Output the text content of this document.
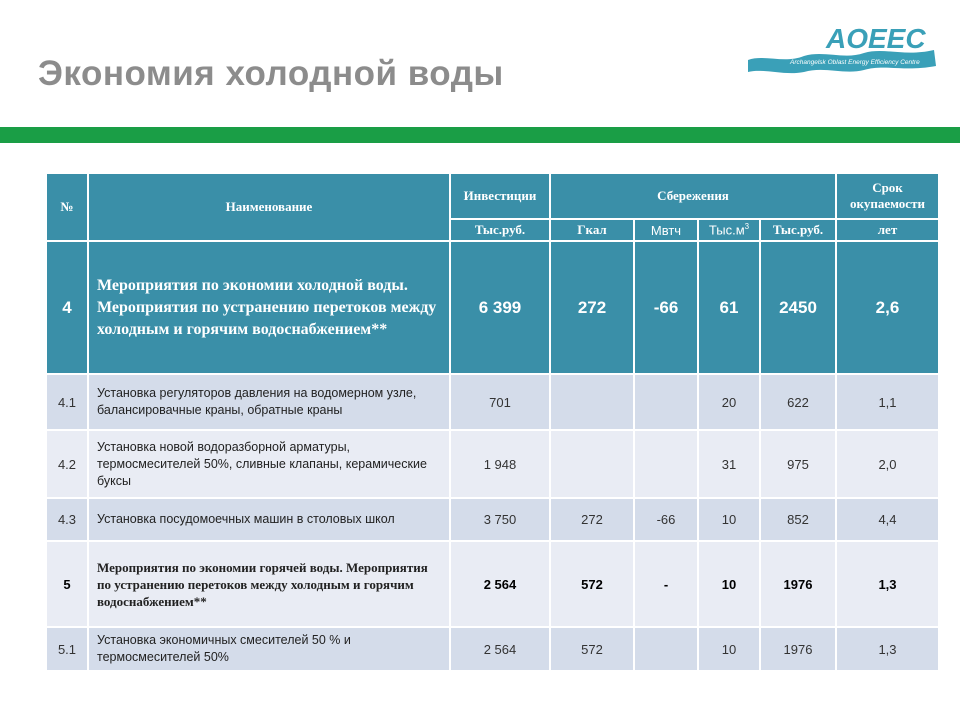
Экономия холодной воды
AOEEC
Archangelsk Oblast Energy Efficiency Centre
№	Наименование	Инвестиции	Сбережения				Срок окупаемости
		Тыс.руб.	Гкал	Мвтч	$Тыс.м^3$	Тыс.руб.	лет
4	Мероприятия по экономии холодной воды. Мероприятия по устранению перетоков между холодным и горячим водоснабжением**	6 399	272	-66	61	2450	2,6
4.1	Установка регуляторов давления на водомерном узле, балансировачные краны, обратные краны	701			20	622	1,1
4.2	Установка новой водоразборной арматуры, термосмесителей 50%, сливные клапаны, керамические буксы	1 948			31	975	2,0
4.3	Установка посудомоечных машин в столовых школ	3 750	272	-66	10	852	4,4
5	Мероприятия по экономии горячей воды. Мероприятия по устранению перетоков между холодным и горячим водоснабжением**	2 564	572	-	10	1976	1,3
5.1	Установка экономичных смесителей 50 % и термосмесителей 50%	2 564	572		10	1976	1,3
